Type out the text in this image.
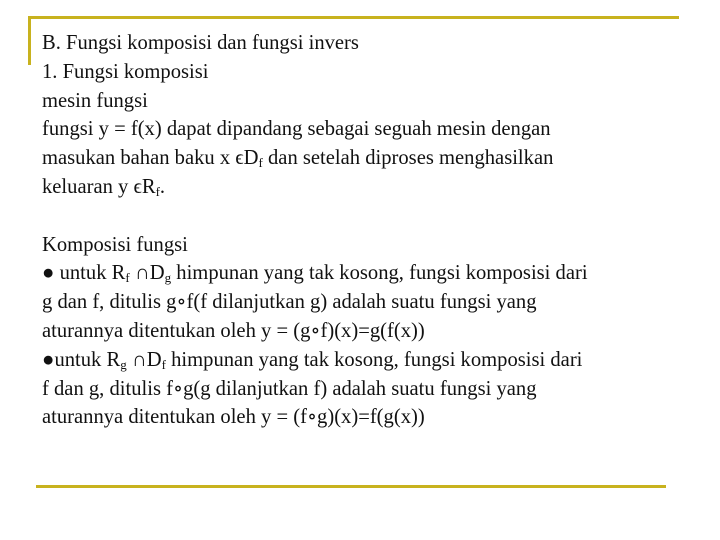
B. Fungsi komposisi dan fungsi invers
1. Fungsi komposisi
mesin fungsi
fungsi y = f(x) dapat dipandang sebagai seguah mesin dengan
masukan bahan baku x $\epsilon D_f$ dan setelah diproses menghasilkan
keluaran y $\epsilon R_f$.
Komposisi fungsi
● untuk $R_f$ $\cap D_g$ himpunan yang tak kosong, fungsi komposisi dari
g dan f, ditulis g∘f(f dilanjutkan g) adalah suatu fungsi yang
aturannya ditentukan oleh y = (g∘f)(x)=g(f(x))
●untuk $R_g$ $\cap D_f$ himpunan yang tak kosong, fungsi komposisi dari
f dan g, ditulis f∘g(g dilanjutkan f) adalah suatu fungsi yang
aturannya ditentukan oleh y = (f∘g)(x)=f(g(x))
